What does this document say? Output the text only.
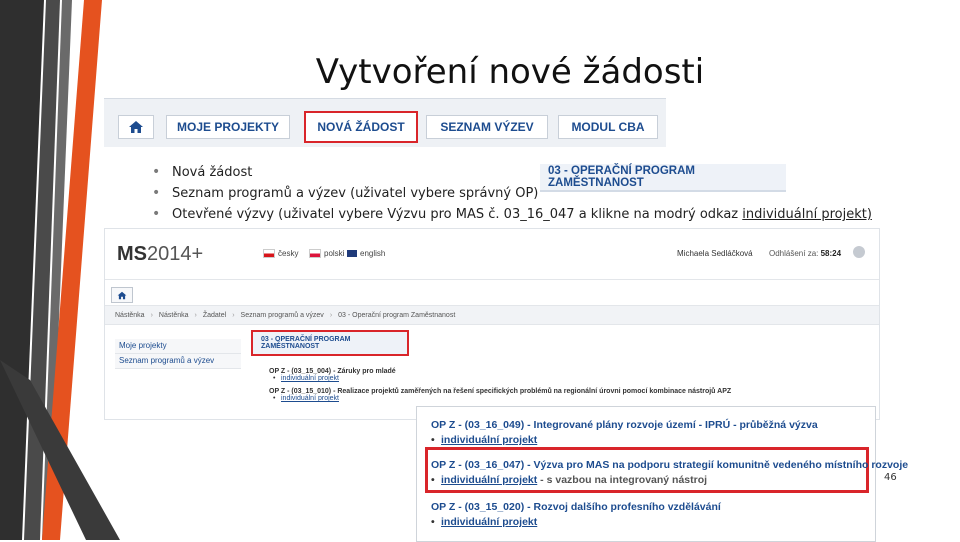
Vytvoření nové žádosti
MOJE PROJEKTY	NOVÁ ŽÁDOST	SEZNAM VÝZEV	MODUL CBA
03 - OPERAČNÍ PROGRAM ZAMĚSTNANOST
• Nová žádost
• Seznam programů a výzev (uživatel vybere správný OP)
• Otevřené výzvy (uživatel vybere Výzvu pro MAS č. 03_16_047 a klikne na modrý odkaz individuální projekt)
MS2014+	česky	polski english	Michaela Sedláčková Odhlášení za: 58:24
Nástěnka › Nástěnka › Žadatel › Seznam programů a výzev › 03 - Operační program Zaměstnanost
Moje projekty
Seznam programů a výzev
03 - OPERAČNÍ PROGRAM ZAMĚSTNANOST
OP Z - (03_15_004) - Záruky pro mladé
• individuální projekt
OP Z - (03_15_010) - Realizace projektů zaměřených na řešení specifických problémů na regionální úrovni pomocí kombinace nástrojů APZ
• individuální projekt
OP Z - (03_16_049) - Integrované plány rozvoje území - IPRÚ - průběžná výzva
• individuální projekt
OP Z - (03_16_047) - Výzva pro MAS na podporu strategií komunitně vedeného místního rozvoje
• individuální projekt - s vazbou na integrovaný nástroj
OP Z - (03_15_020) - Rozvoj dalšího profesního vzdělávání
• individuální projekt
46
